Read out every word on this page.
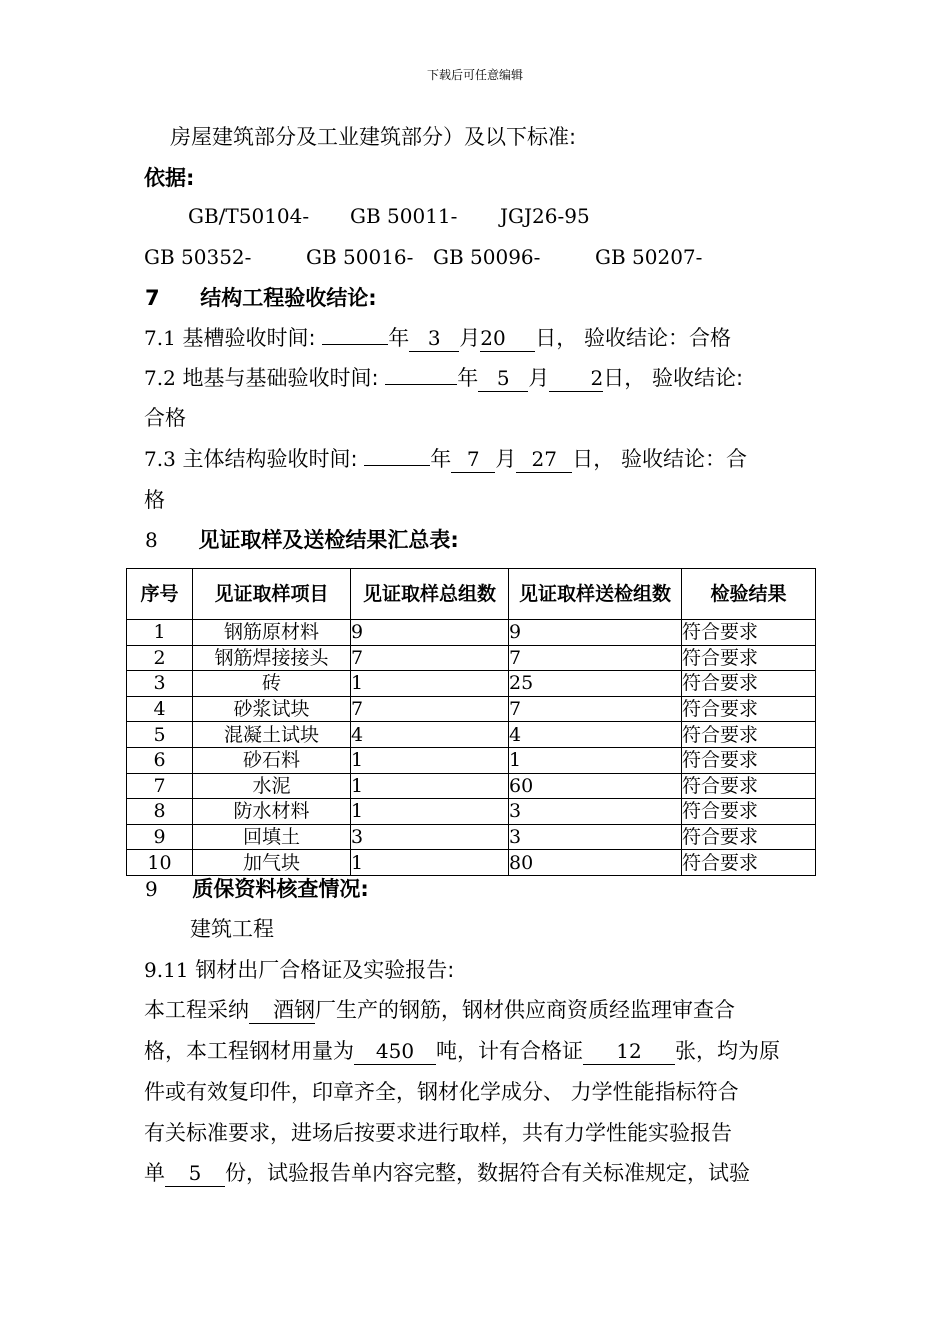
下载后可任意编辑
房屋建筑部分及工业建筑部分）及以下标准:
依据:
GB/T50104- GB 50011- JGJ26-95
GB 50352-	GB 50016- GB 50096-	GB 50207-
7 结构工程验收结论:
7.1 基槽验收时间:	年 3 月20 日， 验收结论：合格
7.2 地基与基础验收时间:	年 5 月 2日， 验收结论:
合格
7.3 主体结构验收时间:	年 7 月 27 日， 验收结论：合
格
8 见证取样及送检结果汇总表:
序号	见证取样项目	见证取样总组数	见证取样送检组数	检验结果
1	钢筋原材料	9	9	符合要求
2	钢筋焊接接头	7	7	符合要求
3	砖	1	25	符合要求
4	砂浆试块	7	7	符合要求
5	混凝土试块	4	4	符合要求
6	砂石料	1	1	符合要求
7	水泥	1	60	符合要求
8	防水材料	1	3	符合要求
9	回填土	3	3	符合要求
10	加气块	1	80	符合要求
9 质保资料核查情况:
建筑工程
9.11 钢材出厂合格证及实验报告:
本工程采纳 酒钢厂生产的钢筋，钢材供应商资质经监理审查合
格，本工程钢材用量为 450 吨，计有合格证 12 张，均为原
件或有效复印件，印章齐全，钢材化学成分、 力学性能指标符合
有关标准要求，进场后按要求进行取样，共有力学性能实验报告
单 5 份，试验报告单内容完整，数据符合有关标准规定，试验
